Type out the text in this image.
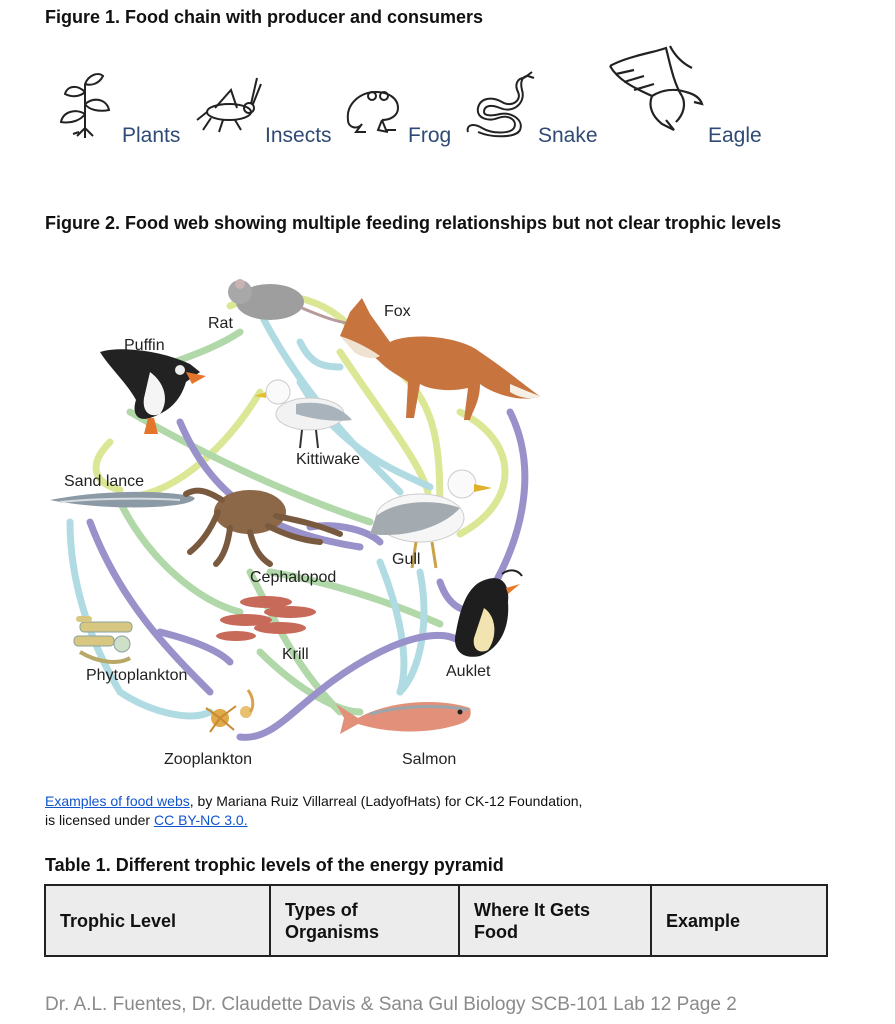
Figure 1. Food chain with producer and consumers
Plants	Insects	Frog	Snake	Eagle
Figure 2. Food web showing multiple feeding relationships but not clear trophic levels
Rat
Fox
Puffin
Kittiwake
Sand lance
Gull
Cephalopod
Krill
Auklet
Phytoplankton
Zooplankton	Salmon
Examples of food webs, by Mariana Ruiz Villarreal (LadyofHats) for CK-12 Foundation,
is licensed under CC BY-NC 3.0.
Table 1. Different trophic levels of the energy pyramid
Trophic Level	Types of Organisms	Where It Gets Food	Example
Dr. A.L. Fuentes, Dr. Claudette Davis & Sana Gul Biology SCB-101 Lab 12 Page 2
